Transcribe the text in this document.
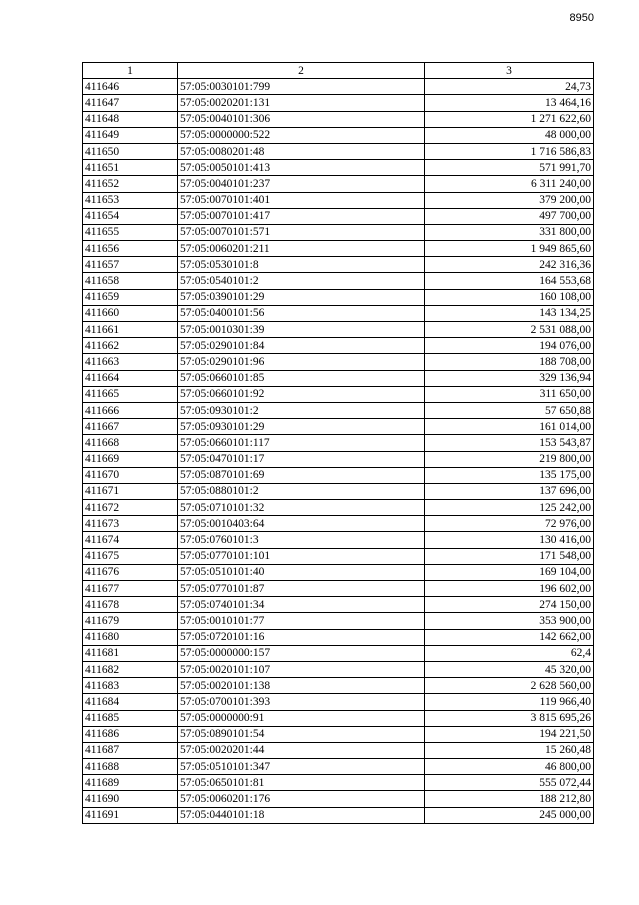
8950
1	2	3
411646	57:05:0030101:799	24,73
411647	57:05:0020201:131	13 464,16
411648	57:05:0040101:306	1 271 622,60
411649	57:05:0000000:522	48 000,00
411650	57:05:0080201:48	1 716 586,83
411651	57:05:0050101:413	571 991,70
411652	57:05:0040101:237	6 311 240,00
411653	57:05:0070101:401	379 200,00
411654	57:05:0070101:417	497 700,00
411655	57:05:0070101:571	331 800,00
411656	57:05:0060201:211	1 949 865,60
411657	57:05:0530101:8	242 316,36
411658	57:05:0540101:2	164 553,68
411659	57:05:0390101:29	160 108,00
411660	57:05:0400101:56	143 134,25
411661	57:05:0010301:39	2 531 088,00
411662	57:05:0290101:84	194 076,00
411663	57:05:0290101:96	188 708,00
411664	57:05:0660101:85	329 136,94
411665	57:05:0660101:92	311 650,00
411666	57:05:0930101:2	57 650,88
411667	57:05:0930101:29	161 014,00
411668	57:05:0660101:117	153 543,87
411669	57:05:0470101:17	219 800,00
411670	57:05:0870101:69	135 175,00
411671	57:05:0880101:2	137 696,00
411672	57:05:0710101:32	125 242,00
411673	57:05:0010403:64	72 976,00
411674	57:05:0760101:3	130 416,00
411675	57:05:0770101:101	171 548,00
411676	57:05:0510101:40	169 104,00
411677	57:05:0770101:87	196 602,00
411678	57:05:0740101:34	274 150,00
411679	57:05:0010101:77	353 900,00
411680	57:05:0720101:16	142 662,00
411681	57:05:0000000:157	62,4
411682	57:05:0020101:107	45 320,00
411683	57:05:0020101:138	2 628 560,00
411684	57:05:0700101:393	119 966,40
411685	57:05:0000000:91	3 815 695,26
411686	57:05:0890101:54	194 221,50
411687	57:05:0020201:44	15 260,48
411688	57:05:0510101:347	46 800,00
411689	57:05:0650101:81	555 072,44
411690	57:05:0060201:176	188 212,80
411691	57:05:0440101:18	245 000,00
